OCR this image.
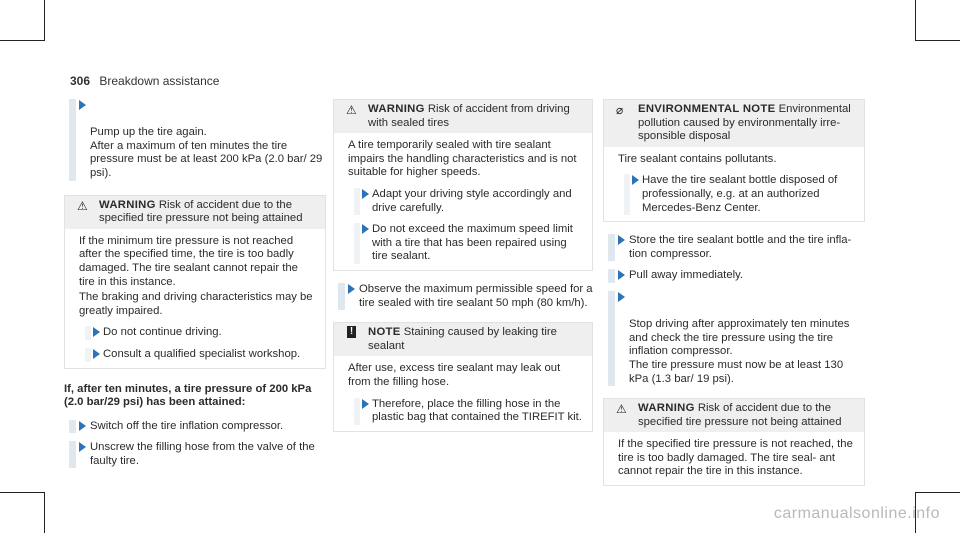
306 Breakdown assistance

Pump up the tire again.
After a maximum of ten minutes the tire pressure must be at least 200 kPa (2.0 bar/ 29 psi).

⚠ WARNING Risk of accident due to the specified tire pressure not being attained
If the minimum tire pressure is not reached after the specified time, the tire is too badly damaged. The tire sealant cannot repair the tire in this instance.
The braking and driving characteristics may be greatly impaired.
Do not continue driving.
Consult a qualified specialist workshop.
If, after ten minutes, a tire pressure of 200 kPa (2.0 bar/29 psi) has been attained:
Switch off the tire inflation compressor.
Unscrew the filling hose from the valve of the faulty tire.
⚠ WARNING Risk of accident from driving with sealed tires
A tire temporarily sealed with tire sealant impairs the handling characteristics and is not suitable for higher speeds.
Adapt your driving style accordingly and drive carefully.
Do not exceed the maximum speed limit with a tire that has been repaired using tire sealant.
Observe the maximum permissible speed for a tire sealed with tire sealant 50 mph (80 km/h).
! NOTE Staining caused by leaking tire sealant
After use, excess tire sealant may leak out from the filling hose.
Therefore, place the filling hose in the plastic bag that contained the TIREFIT kit.
⌀ ENVIRONMENTAL NOTE Environmental pollution caused by environmentally irre- sponsible disposal
Tire sealant contains pollutants.
Have the tire sealant bottle disposed of professionally, e.g. at an authorized Mercedes-Benz Center.
Store the tire sealant bottle and the tire infla- tion compressor.
Pull away immediately.

Stop driving after approximately ten minutes and check the tire pressure using the tire inflation compressor.
The tire pressure must now be at least 130 kPa (1.3 bar/ 19 psi).

⚠ WARNING Risk of accident due to the specified tire pressure not being attained
If the specified tire pressure is not reached, the tire is too badly damaged. The tire seal- ant cannot repair the tire in this instance.
carmanualsonline.info
